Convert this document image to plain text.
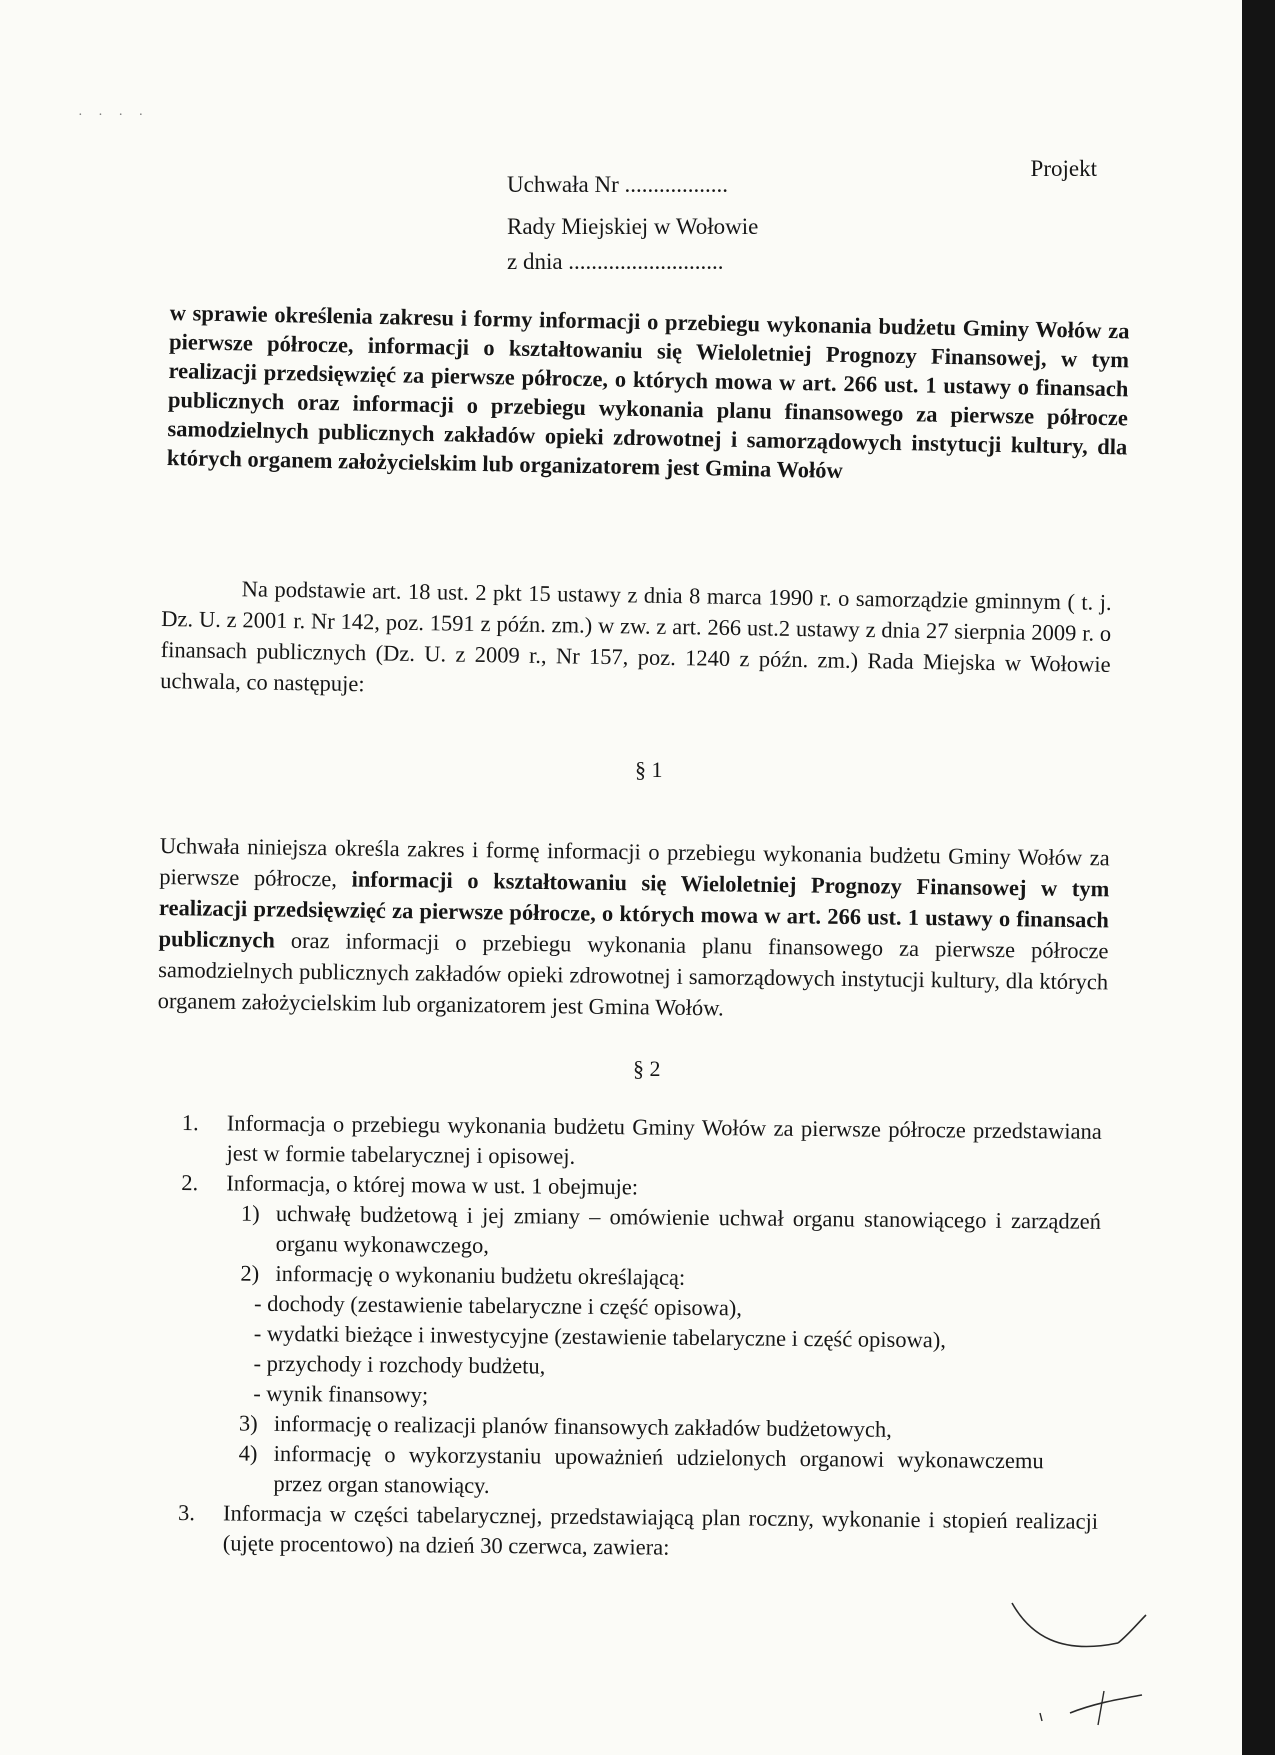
· · · ·
Projekt
Uchwała Nr ..................
Rady Miejskiej w Wołowie
z dnia ...........................
w sprawie określenia zakresu i formy informacji o przebiegu wykonania budżetu Gminy Wołów za pierwsze półrocze, informacji o kształtowaniu się Wieloletniej Prognozy Finansowej, w tym realizacji przedsięwzięć za pierwsze półrocze, o których mowa w art. 266 ust. 1 ustawy o finansach publicznych oraz informacji o przebiegu wykonania planu finansowego za pierwsze półrocze samodzielnych publicznych zakładów opieki zdrowotnej i samorządowych instytucji kultury, dla których organem założycielskim lub organizatorem jest Gmina Wołów
Na podstawie art. 18 ust. 2 pkt 15 ustawy z dnia 8 marca 1990 r. o samorządzie gminnym ( t. j. Dz. U. z 2001 r. Nr 142, poz. 1591 z późn. zm.) w zw. z art. 266 ust.2 ustawy z dnia 27 sierpnia 2009 r. o finansach publicznych (Dz. U. z 2009 r., Nr 157, poz. 1240 z późn. zm.) Rada Miejska w Wołowie uchwala, co następuje:
§ 1
Uchwała niniejsza określa zakres i formę informacji o przebiegu wykonania budżetu Gminy Wołów za pierwsze półrocze, informacji o kształtowaniu się Wieloletniej Prognozy Finansowej w tym realizacji przedsięwzięć za pierwsze półrocze, o których mowa w art. 266 ust. 1 ustawy o finansach publicznych oraz informacji o przebiegu wykonania planu finansowego za pierwsze półrocze samodzielnych publicznych zakładów opieki zdrowotnej i samorządowych instytucji kultury, dla których organem założycielskim lub organizatorem jest Gmina Wołów.
§ 2
1.	Informacja o przebiegu wykonania budżetu Gminy Wołów za pierwsze półrocze przedstawiana jest w formie tabelarycznej i opisowej.
2.	Informacja, o której mowa w ust. 1 obejmuje:
1) uchwałę budżetową i jej zmiany – omówienie uchwał organu stanowiącego i zarządzeń organu wykonawczego,
2) informację o wykonaniu budżetu określającą:
- dochody (zestawienie tabelaryczne i część opisowa),
- wydatki bieżące i inwestycyjne (zestawienie tabelaryczne i część opisowa),
- przychody i rozchody budżetu,
- wynik finansowy;
3) informację o realizacji planów finansowych zakładów budżetowych,
4) informację o wykorzystaniu upoważnień udzielonych organowi wykonawczemu przez organ stanowiący.
3.	Informacja w części tabelarycznej, przedstawiającą plan roczny, wykonanie i stopień realizacji (ujęte procentowo) na dzień 30 czerwca, zawiera:
